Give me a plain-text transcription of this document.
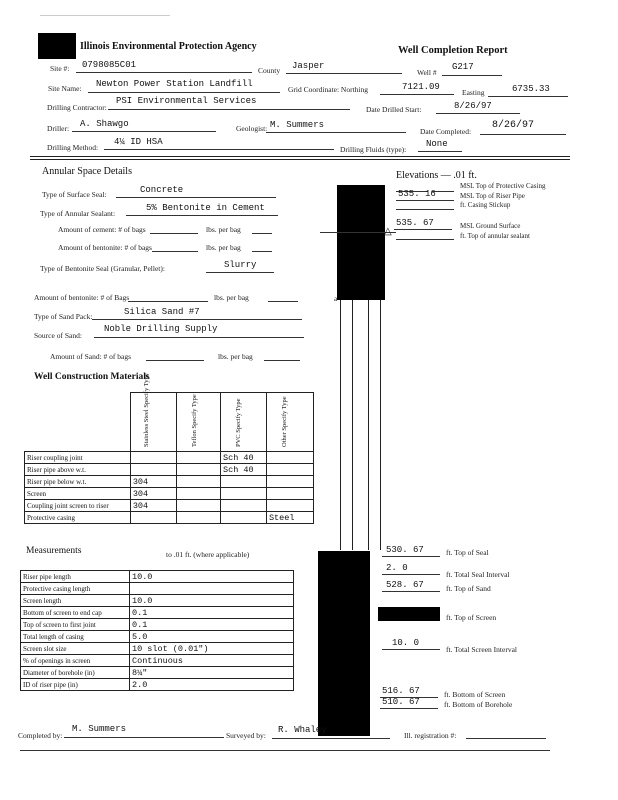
Illinois Environmental Protection Agency	Well Completion Report
Site #: 0798085C01
County Jasper
Well #
G217
Site Name: Newton Power Station Landfill
Grid Coordinate: Northing	7121.09
Easting	6735.33
Drilling Contractor:
PSI Environmental Services
Date Drilled Start:	8/26/97
Driller: A. Shawgo	Geologist: M. Summers
Date Completed:
8/26/97
Drilling Method:
4¼ ID HSA
Drilling Fluids (type):
None
Annular Space Details
Type of Surface Seal:	Concrete
Type of Annular Sealant:
5% Bentonite in Cement
Amount of cement: # of bags	lbs. per bag
Amount of bentonite: # of bags	lbs. per bag
Type of Bentonite Seal (Granular, Pellet):	Slurry
Amount of bentonite: # of Bags	lbs. per bag
Type of Sand Pack:	Silica Sand #7
Source of Sand:
Noble Drilling Supply
Amount of Sand: # of bags	lbs. per bag
Elevations — .01 ft.
MSL Top of Protective Casing
535. 16	MSL Top of Riser Pipe
ft. Casing Stickup
535. 67	MSL Ground Surface
ft. Top of annular sealant
△
a
Well Construction Materials

	Stainless Steel Specify Type	Teflon Specify Type	PVC Specify Type	Other Specify Type

Riser coupling joint			Sch 40	
Riser pipe above w.t.			Sch 40	
Riser pipe below w.t.	304			
Screen	304			
Coupling joint screen to riser	304			
Protective casing				Steel
Measurements	to .01 ft. (where applicable)
Riser pipe length	10.0
Protective casing length	
Screen length	10.0
Bottom of screen to end cap	0.1
Top of screen to first joint	0.1
Total length of casing	5.0
Screen slot size	10 slot (0.01")
% of openings in screen	Continuous
Diameter of borehole (in)	8¼"
ID of riser pipe (in)	2.0
530. 67	ft. Top of Seal
2. 0
ft. Total Seal Interval
528. 67	ft. Top of Sand
ft. Top of Screen
10. 0
ft. Total Screen Interval
516. 67	ft. Bottom of Screen
510. 67	ft. Bottom of Borehole
Completed by:
M. Summers
Surveyed by:
R. Whaley
Ill. registration #:
